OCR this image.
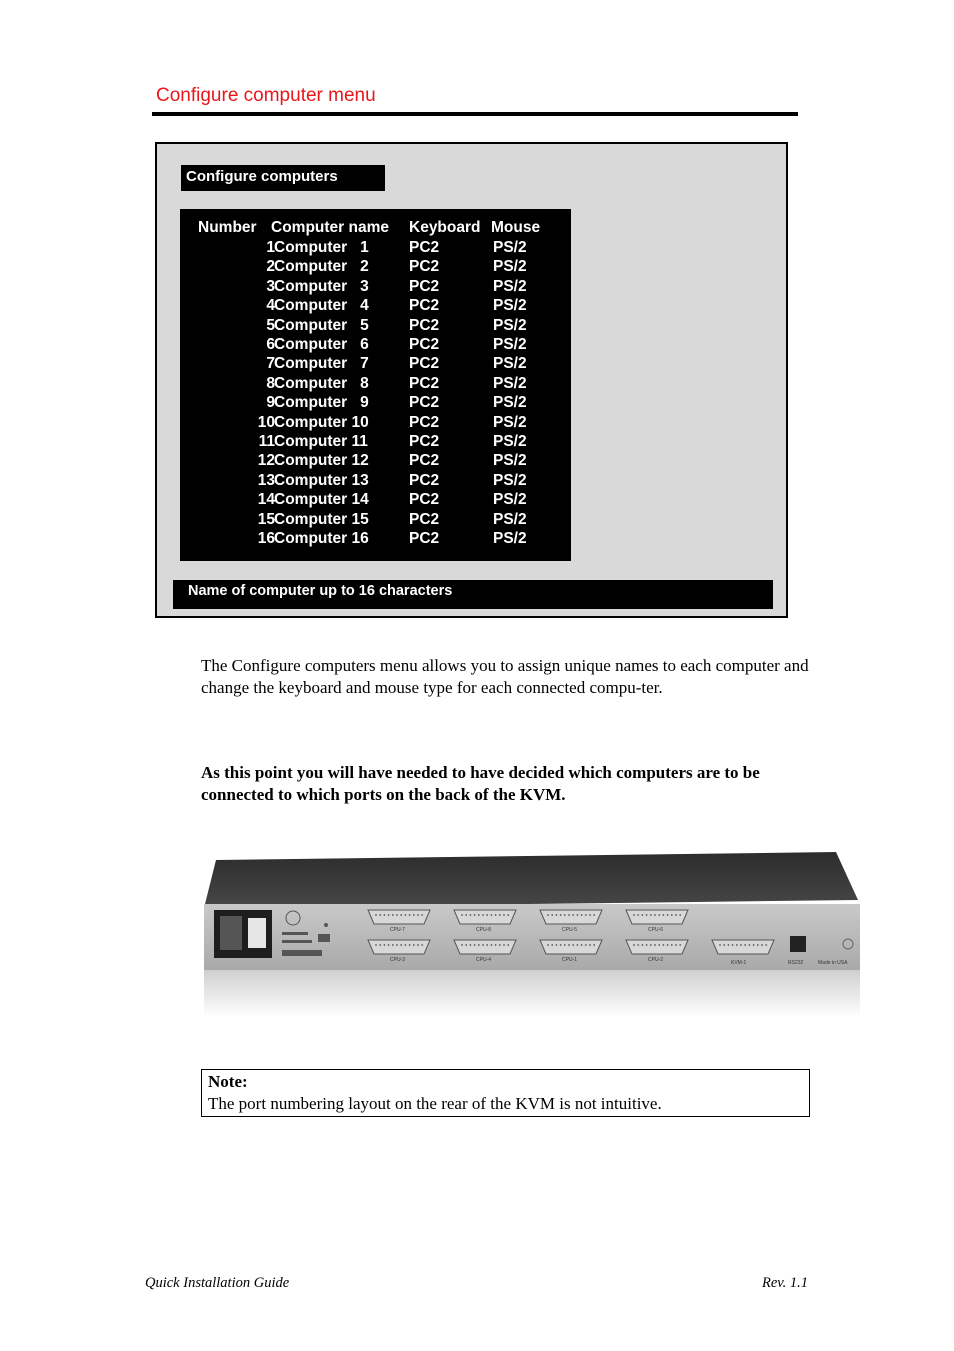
Configure computer menu
Configure computers
Number Computer name Keyboard Mouse
1 Computer   1	PC2	PS/2
2 Computer   2	PC2	PS/2
3 Computer   3	PC2	PS/2
4 Computer   4	PC2	PS/2
5 Computer   5	PC2	PS/2
6 Computer   6	PC2	PS/2
7 Computer   7	PC2	PS/2
8 Computer   8	PC2	PS/2
9 Computer   9	PC2	PS/2
10 Computer 10	PC2	PS/2
11 Computer 11	PC2	PS/2
12 Computer 12	PC2	PS/2
13 Computer 13	PC2	PS/2
14 Computer 14	PC2	PS/2
15 Computer 15	PC2	PS/2
16 Computer 16	PC2	PS/2
Name of computer up to 16 characters
The Configure computers menu allows you to assign unique names to each computer and change the keyboard and mouse type for each connected compu-ter.
As this point you will have needed to have decided which computers are to be connected to which ports on the back of the KVM.
CPU-7	CPU-8	CPU-5	CPU-6
CPU-3	CPU-4	CPU-1	CPU-2	KVM-1	RS232	Made in USA
Note:
The port numbering layout on the rear of the KVM is not intuitive.
Quick Installation Guide	Rev. 1.1
